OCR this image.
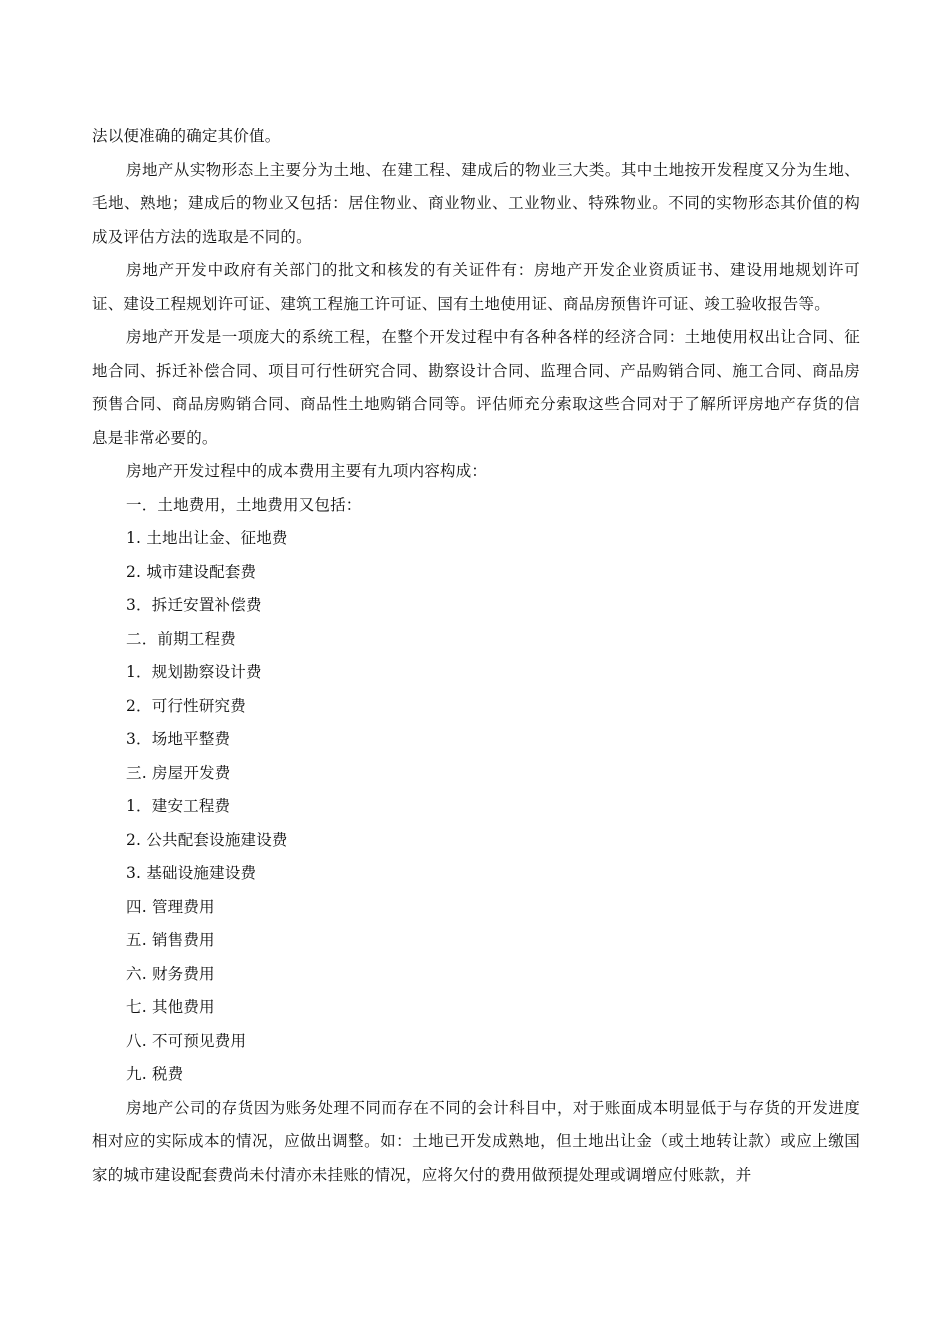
法以便准确的确定其价值。

房地产从实物形态上主要分为土地、在建工程、建成后的物业三大类。其中土地按开发程度又分为生地、毛地、熟地；建成后的物业又包括：居住物业、商业物业、工业物业、特殊物业。不同的实物形态其价值的构成及评估方法的选取是不同的。

房地产开发中政府有关部门的批文和核发的有关证件有：房地产开发企业资质证书、建设用地规划许可证、建设工程规划许可证、建筑工程施工许可证、国有土地使用证、商品房预售许可证、竣工验收报告等。

房地产开发是一项庞大的系统工程，在整个开发过程中有各种各样的经济合同：土地使用权出让合同、征地合同、拆迁补偿合同、项目可行性研究合同、勘察设计合同、监理合同、产品购销合同、施工合同、商品房预售合同、商品房购销合同、商品性土地购销合同等。评估师充分索取这些合同对于了解所评房地产存货的信息是非常必要的。

房地产开发过程中的成本费用主要有九项内容构成：

一．土地费用，土地费用又包括：

1. 土地出让金、征地费

2. 城市建设配套费

3．拆迁安置补偿费

二．前期工程费

1．规划勘察设计费

2．可行性研究费

3．场地平整费

三. 房屋开发费

1．建安工程费

2. 公共配套设施建设费

3. 基础设施建设费

四. 管理费用

五. 销售费用

六. 财务费用

七. 其他费用

八. 不可预见费用

九. 税费

房地产公司的存货因为账务处理不同而存在不同的会计科目中，对于账面成本明显低于与存货的开发进度相对应的实际成本的情况，应做出调整。如：土地已开发成熟地，但土地出让金（或土地转让款）或应上缴国家的城市建设配套费尚未付清亦未挂账的情况，应将欠付的费用做预提处理或调增应付账款，并
